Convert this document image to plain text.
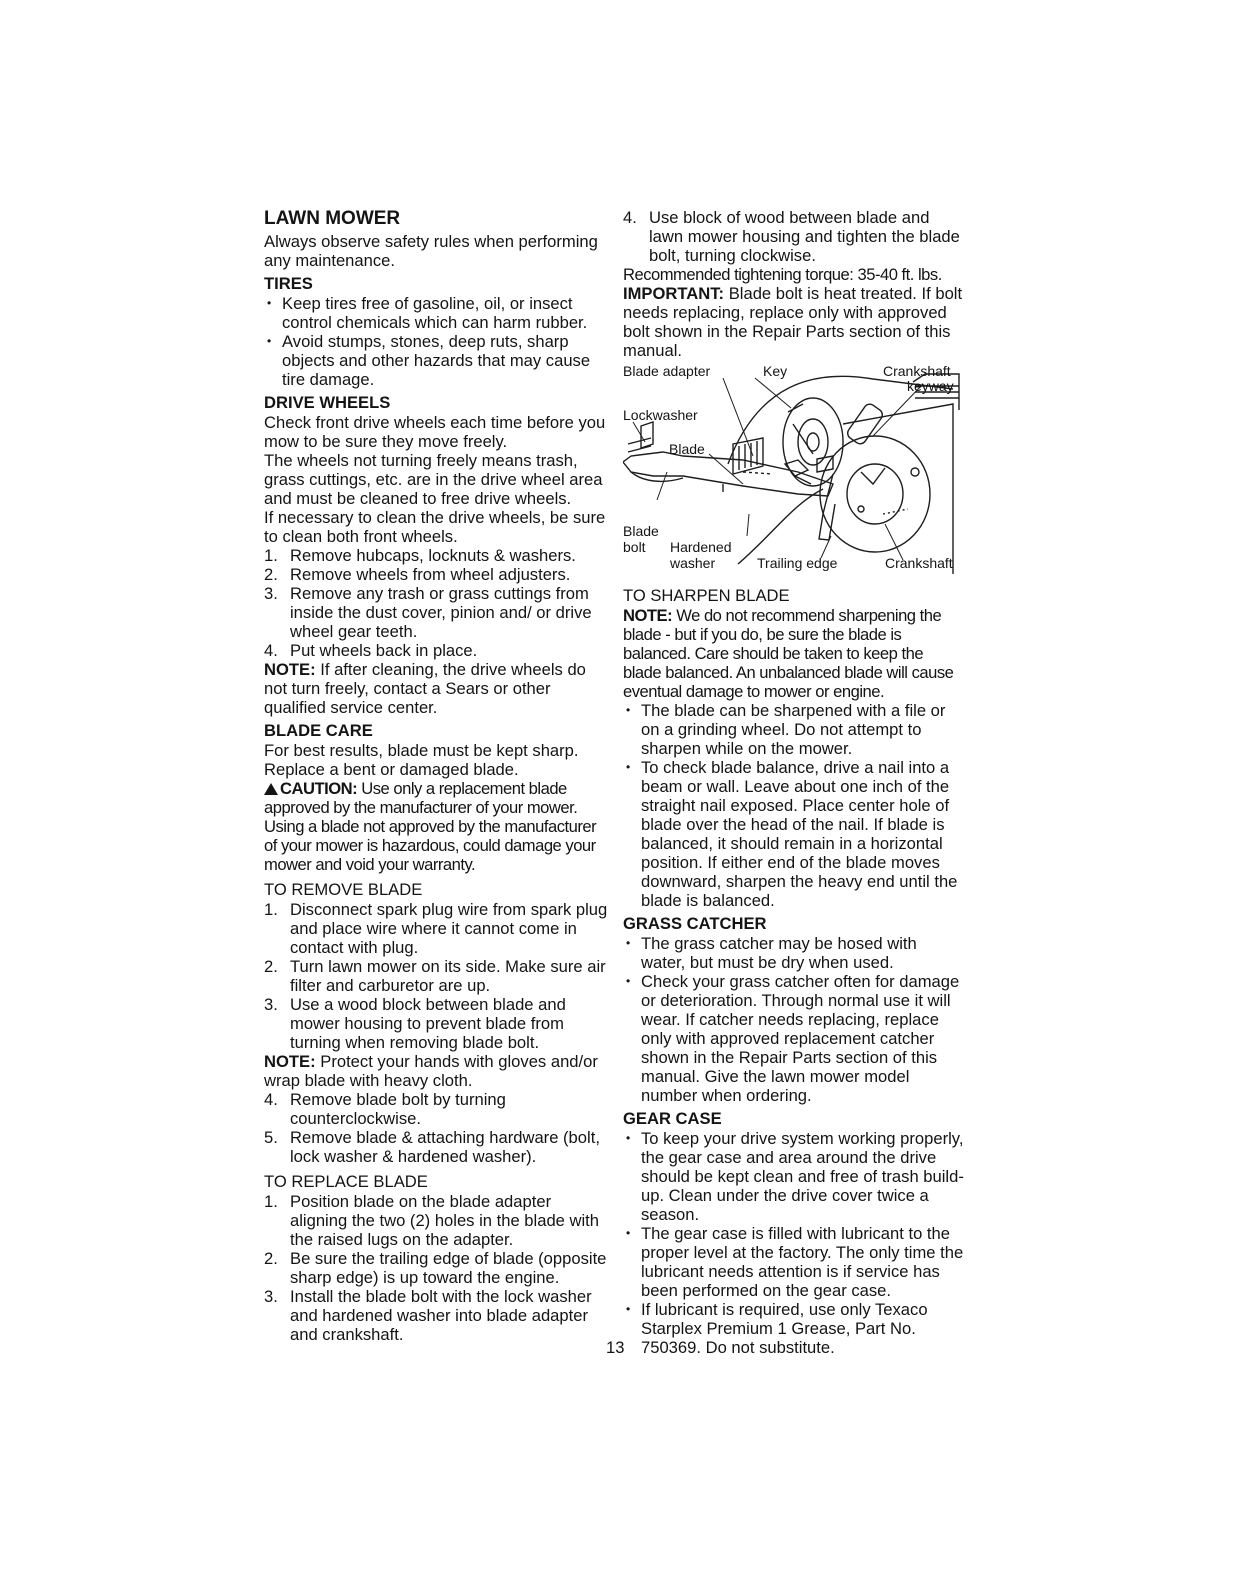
LAWN MOWER

Always observe safety rules when performing any maintenance.

TIRES
• Keep tires free of gasoline, oil, or insect control chemicals which can harm rubber.
• Avoid stumps, stones, deep ruts, sharp objects and other hazards that may cause tire damage.
DRIVE WHEELS

Check front drive wheels each time before you mow to be sure they move freely.

The wheels not turning freely means trash, grass cuttings, etc. are in the drive wheel area and must be cleaned to free drive wheels.

If necessary to clean the drive wheels, be sure to clean both front wheels.

1. Remove hubcaps, locknuts & washers.
2. Remove wheels from wheel adjusters.
3. Remove any trash or grass cuttings from inside the dust cover, pinion and/ or drive wheel gear teeth.
4. Put wheels back in place.

NOTE: If after cleaning, the drive wheels do not turn freely, contact a Sears or other qualified service center.

BLADE CARE

For best results, blade must be kept sharp. Replace a bent or damaged blade.

CAUTION: Use only a replacement blade approved by the manufacturer of your mower. Using a blade not approved by the manufacturer of your mower is hazardous, could damage your mower and void your warranty.

TO REMOVE BLADE
1. Disconnect spark plug wire from spark plug and place wire where it cannot come in contact with plug.
2. Turn lawn mower on its side. Make sure air filter and carburetor are up.
3. Use a wood block between blade and mower housing to prevent blade from turning when removing blade bolt.

NOTE: Protect your hands with gloves and/or wrap blade with heavy cloth.

4. Remove blade bolt by turning counterclockwise.
5. Remove blade & attaching hardware (bolt, lock washer & hardened washer).
TO REPLACE BLADE
1. Position blade on the blade adapter aligning the two (2) holes in the blade with the raised lugs on the adapter.
2. Be sure the trailing edge of blade (opposite sharp edge) is up toward the engine.
3. Install the blade bolt with the lock washer and hardened washer into blade adapter and crankshaft.
4. Use block of wood between blade and lawn mower housing and tighten the blade bolt, turning clockwise.

Recommended tightening torque: 35-40 ft. lbs.

IMPORTANT: Blade bolt is heat treated. If bolt needs replacing, replace only with approved bolt shown in the Repair Parts section of this manual.

Blade adapter	Key	Crankshaft
keyway
Lockwasher
Blade
Blade
bolt Hardened
washer	Trailing edge	Crankshaft
TO SHARPEN BLADE

NOTE: We do not recommend sharpening the blade - but if you do, be sure the blade is balanced. Care should be taken to keep the blade balanced. An unbalanced blade will cause eventual damage to mower or engine.

• The blade can be sharpened with a file or on a grinding wheel. Do not attempt to sharpen while on the mower.
• To check blade balance, drive a nail into a beam or wall. Leave about one inch of the straight nail exposed. Place center hole of blade over the head of the nail. If blade is balanced, it should remain in a horizontal position. If either end of the blade moves downward, sharpen the heavy end until the blade is balanced.
GRASS CATCHER
• The grass catcher may be hosed with water, but must be dry when used.
• Check your grass catcher often for damage or deterioration. Through normal use it will wear. If catcher needs replacing, replace only with approved replacement catcher shown in the Repair Parts section of this manual. Give the lawn mower model number when ordering.
GEAR CASE
• To keep your drive system working properly, the gear case and area around the drive should be kept clean and free of trash build-up. Clean under the drive cover twice a season.
• The gear case is filled with lubricant to the proper level at the factory. The only time the lubricant needs attention is if service has been performed on the gear case.
• If lubricant is required, use only Texaco Starplex Premium 1 Grease, Part No. 750369. Do not substitute.
13
